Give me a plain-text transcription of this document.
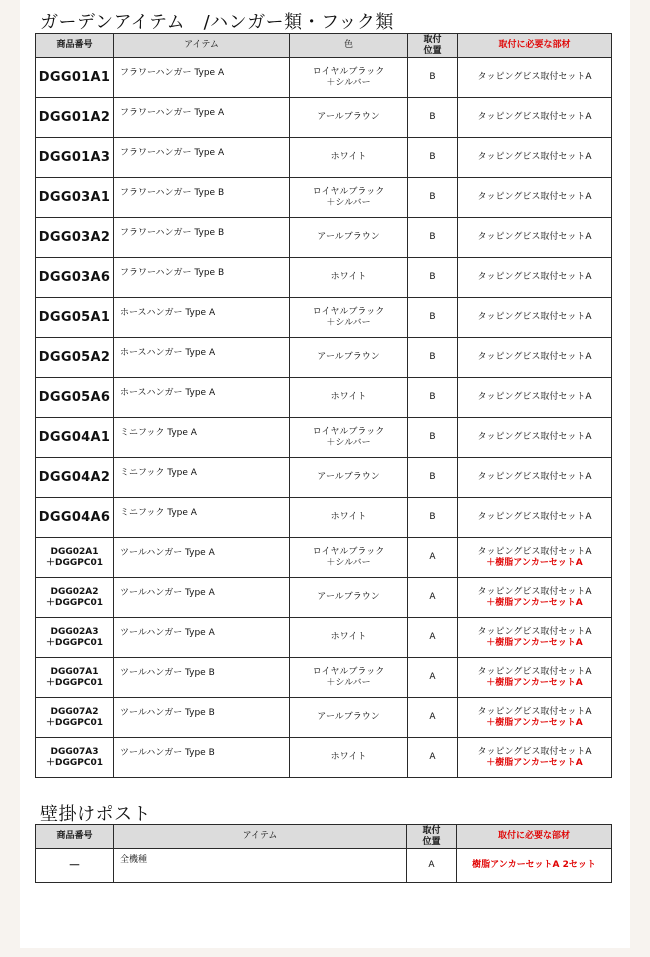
ガーデンアイテム　/ハンガー類・フック類
商品番号	アイテム	色	取付
位置	取付に必要な部材
DGG01A1	フラワーハンガー Type A	ロイヤルブラック
＋シルバー	B	タッピングビス取付セットA

DGG01A2	フラワーハンガー Type A	アールブラウン	B	タッピングビス取付セットA

DGG01A3	フラワーハンガー Type A	ホワイト	B	タッピングビス取付セットA

DGG03A1	フラワーハンガー Type B	ロイヤルブラック
＋シルバー	B	タッピングビス取付セットA

DGG03A2	フラワーハンガー Type B	アールブラウン	B	タッピングビス取付セットA

DGG03A6	フラワーハンガー Type B	ホワイト	B	タッピングビス取付セットA

DGG05A1	ホースハンガー Type A	ロイヤルブラック
＋シルバー	B	タッピングビス取付セットA

DGG05A2	ホースハンガー Type A	アールブラウン	B	タッピングビス取付セットA

DGG05A6	ホースハンガー Type A	ホワイト	B	タッピングビス取付セットA

DGG04A1	ミニフック Type A	ロイヤルブラック
＋シルバー	B	タッピングビス取付セットA

DGG04A2	ミニフック Type A	アールブラウン	B	タッピングビス取付セットA

DGG04A6	ミニフック Type A	ホワイト	B	タッピングビス取付セットA

DGG02A1
＋DGGPC01	ツールハンガー Type A	ロイヤルブラック
＋シルバー	A	タッピングビス取付セットA
＋樹脂アンカーセットA

DGG02A2
＋DGGPC01	ツールハンガー Type A	アールブラウン	A	タッピングビス取付セットA
＋樹脂アンカーセットA

DGG02A3
＋DGGPC01	ツールハンガー Type A	ホワイト	A	タッピングビス取付セットA
＋樹脂アンカーセットA

DGG07A1
＋DGGPC01	ツールハンガー Type B	ロイヤルブラック
＋シルバー	A	タッピングビス取付セットA
＋樹脂アンカーセットA

DGG07A2
＋DGGPC01	ツールハンガー Type B	アールブラウン	A	タッピングビス取付セットA
＋樹脂アンカーセットA

DGG07A3
＋DGGPC01	ツールハンガー Type B	ホワイト	A	タッピングビス取付セットA
＋樹脂アンカーセットA
壁掛けポスト
商品番号	アイテム	取付
位置	取付に必要な部材
－	全機種	A	樹脂アンカーセットA 2セット
